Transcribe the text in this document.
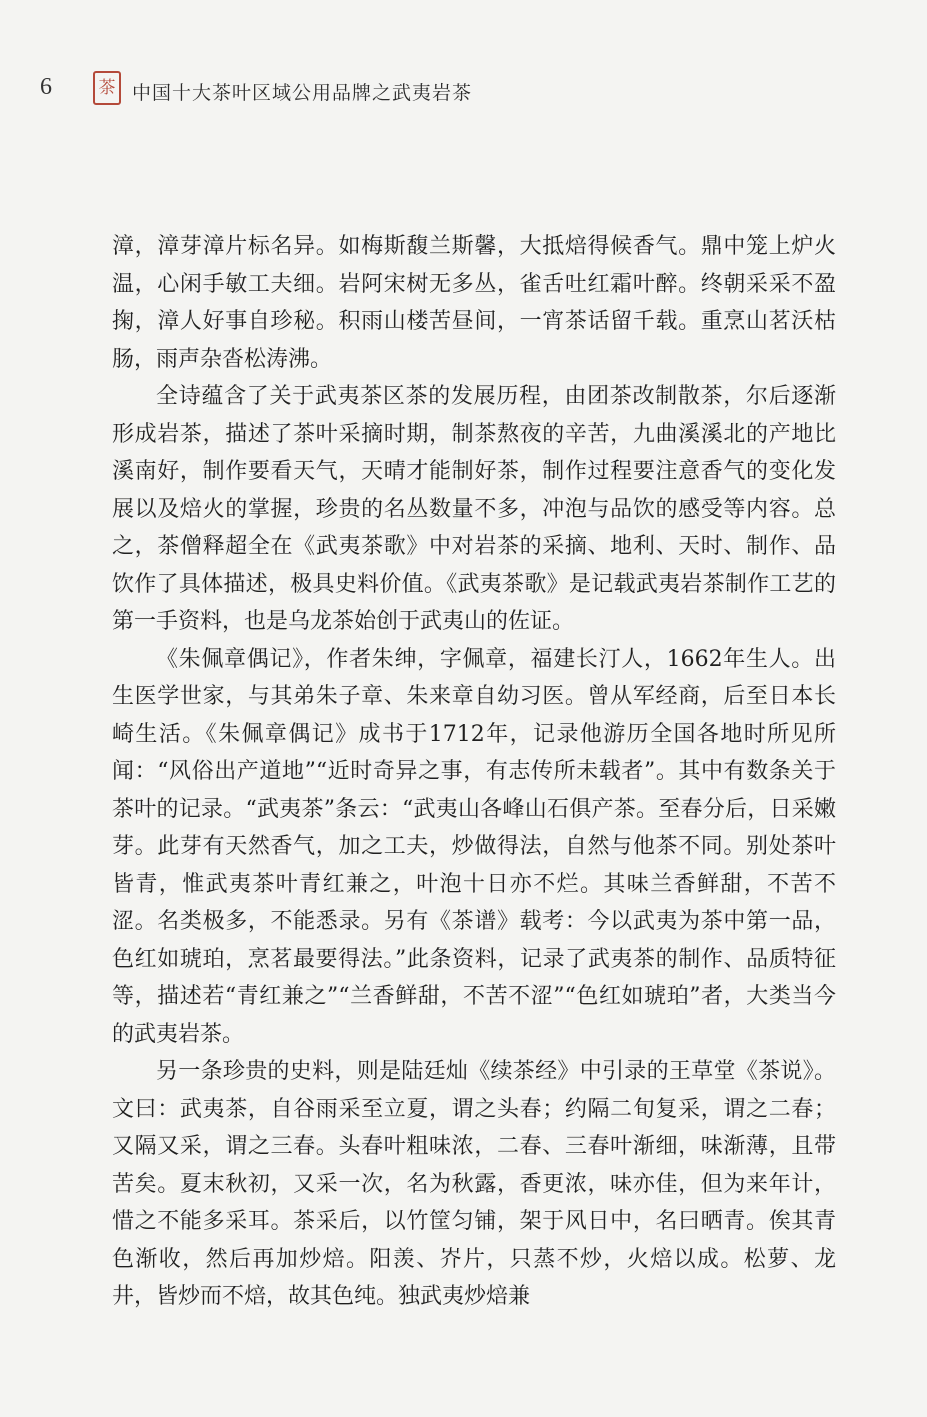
6	茶 中国十大茶叶区域公用品牌之武夷岩茶

漳，漳芽漳片标名异。如梅斯馥兰斯馨，大抵焙得候香气。鼎中笼上炉火温，心闲手敏工夫细。岩阿宋树无多丛，雀舌吐红霜叶醉。终朝采采不盈掬，漳人好事自珍秘。积雨山楼苦昼间，一宵茶话留千载。重烹山茗沃枯肠，雨声杂沓松涛沸。

全诗蕴含了关于武夷茶区茶的发展历程，由团茶改制散茶，尔后逐渐形成岩茶，描述了茶叶采摘时期，制茶熬夜的辛苦，九曲溪溪北的产地比溪南好，制作要看天气，天晴才能制好茶，制作过程要注意香气的变化发展以及焙火的掌握，珍贵的名丛数量不多，冲泡与品饮的感受等内容。总之，茶僧释超全在《武夷茶歌》中对岩茶的采摘、地利、天时、制作、品饮作了具体描述，极具史料价值。《武夷茶歌》是记载武夷岩茶制作工艺的第一手资料，也是乌龙茶始创于武夷山的佐证。

《朱佩章偶记》，作者朱绅，字佩章，福建长汀人，1662年生人。出生医学世家，与其弟朱子章、朱来章自幼习医。曾从军经商，后至日本长崎生活。《朱佩章偶记》成书于1712年，记录他游历全国各地时所见所闻：“风俗出产道地”“近时奇异之事，有志传所未载者”。其中有数条关于茶叶的记录。“武夷茶”条云：“武夷山各峰山石俱产茶。至春分后，日采嫩芽。此芽有天然香气，加之工夫，炒做得法，自然与他茶不同。别处茶叶皆青，惟武夷茶叶青红兼之，叶泡十日亦不烂。其味兰香鲜甜，不苦不涩。名类极多，不能悉录。另有《茶谱》载考：今以武夷为茶中第一品，色红如琥珀，烹茗最要得法。”此条资料，记录了武夷茶的制作、品质特征等，描述若“青红兼之”“兰香鲜甜，不苦不涩”“色红如琥珀”者，大类当今的武夷岩茶。

另一条珍贵的史料，则是陆廷灿《续茶经》中引录的王草堂《茶说》。文曰：武夷茶，自谷雨采至立夏，谓之头春；约隔二旬复采，谓之二春；又隔又采，谓之三春。头春叶粗味浓，二春、三春叶渐细，味渐薄，且带苦矣。夏末秋初，又采一次，名为秋露，香更浓，味亦佳，但为来年计，惜之不能多采耳。茶采后，以竹筐匀铺，架于风日中，名曰晒青。俟其青色渐收，然后再加炒焙。阳羡、岕片，只蒸不炒，火焙以成。松萝、龙井，皆炒而不焙，故其色纯。独武夷炒焙兼
